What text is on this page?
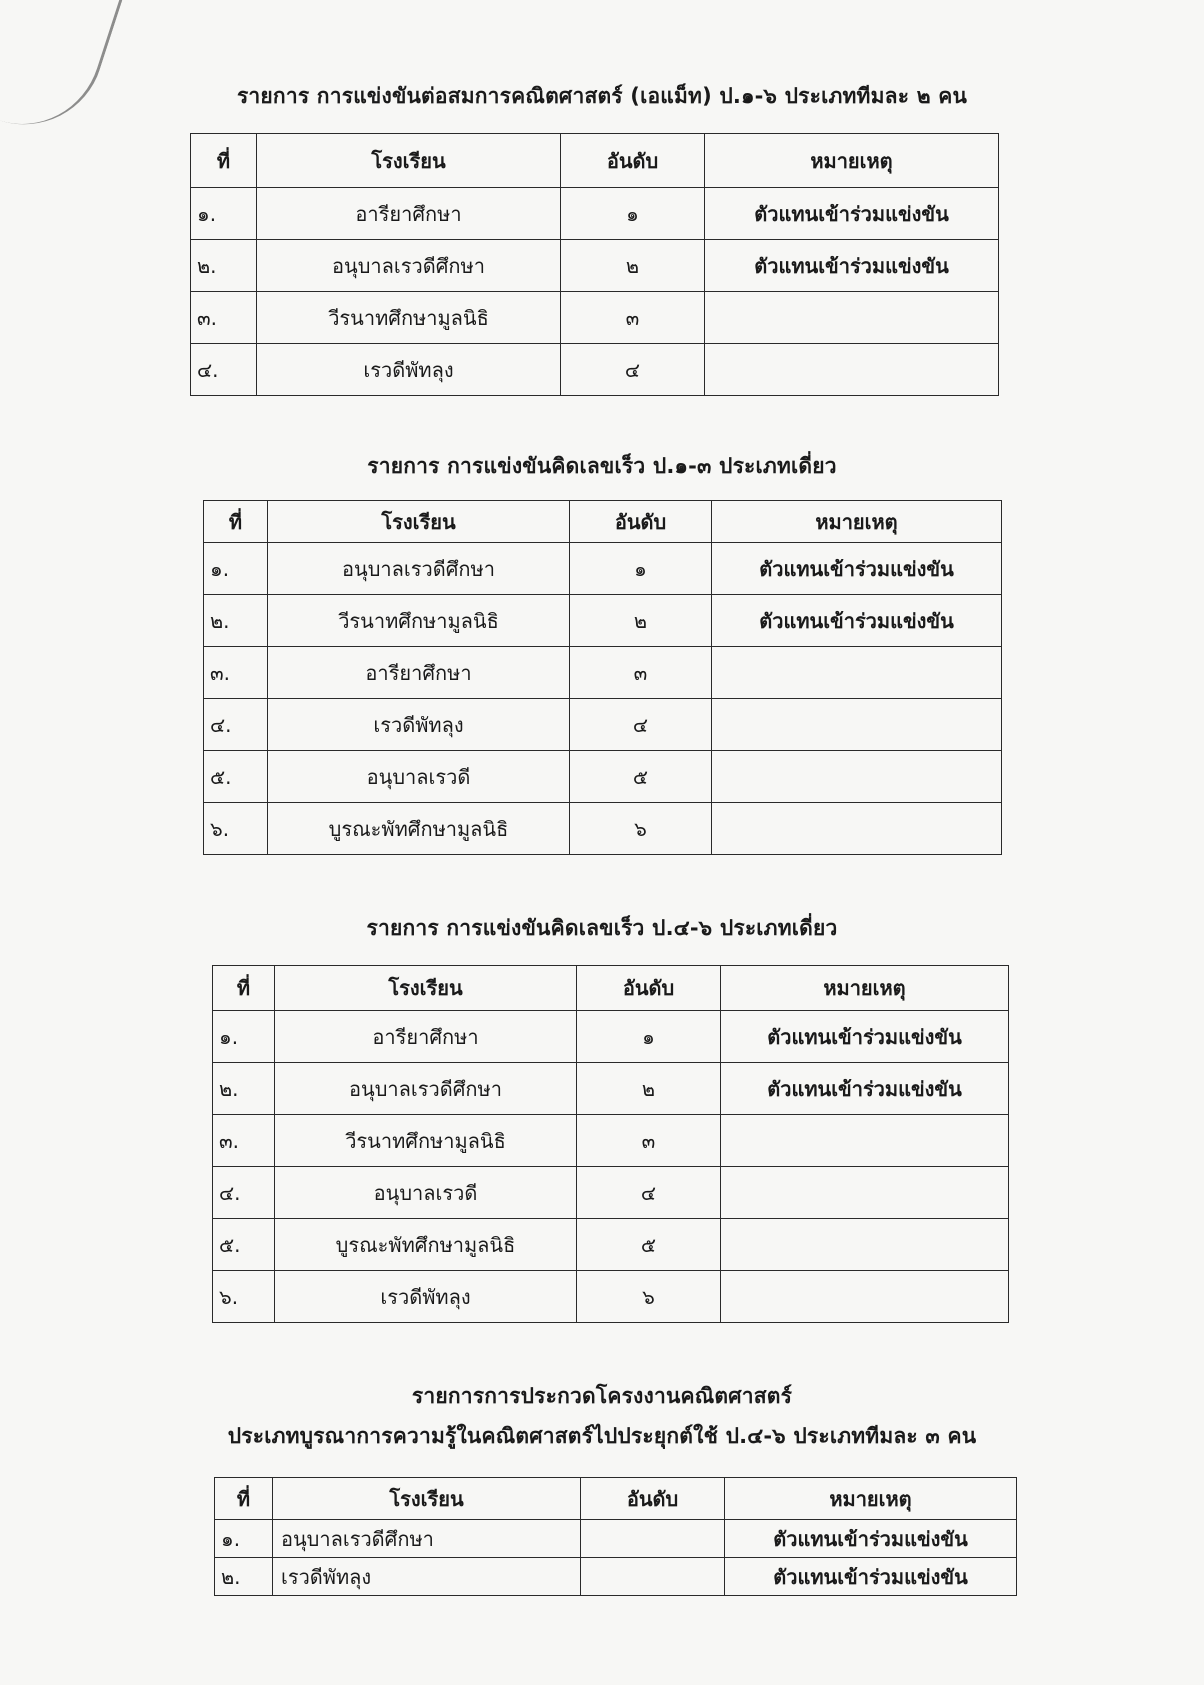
รายการ การแข่งขันต่อสมการคณิตศาสตร์ (เอแม็ท) ป.๑-๖ ประเภททีมละ ๒ คน
ที่	โรงเรียน	อันดับ	หมายเหตุ
๑.	อารียาศึกษา	๑	ตัวแทนเข้าร่วมแข่งขัน
๒.	อนุบาลเรวดีศึกษา	๒	ตัวแทนเข้าร่วมแข่งขัน
๓.	วีรนาทศึกษามูลนิธิ	๓	
๔.	เรวดีพัทลุง	๔	
รายการ การแข่งขันคิดเลขเร็ว ป.๑-๓ ประเภทเดี่ยว
ที่	โรงเรียน	อันดับ	หมายเหตุ
๑.	อนุบาลเรวดีศึกษา	๑	ตัวแทนเข้าร่วมแข่งขัน
๒.	วีรนาทศึกษามูลนิธิ	๒	ตัวแทนเข้าร่วมแข่งขัน
๓.	อารียาศึกษา	๓	
๔.	เรวดีพัทลุง	๔	
๕.	อนุบาลเรวดี	๕	
๖.	บูรณะพัทศึกษามูลนิธิ	๖	
รายการ การแข่งขันคิดเลขเร็ว ป.๔-๖ ประเภทเดี่ยว
ที่	โรงเรียน	อันดับ	หมายเหตุ
๑.	อารียาศึกษา	๑	ตัวแทนเข้าร่วมแข่งขัน
๒.	อนุบาลเรวดีศึกษา	๒	ตัวแทนเข้าร่วมแข่งขัน
๓.	วีรนาทศึกษามูลนิธิ	๓	
๔.	อนุบาลเรวดี	๔	
๕.	บูรณะพัทศึกษามูลนิธิ	๕	
๖.	เรวดีพัทลุง	๖	
รายการการประกวดโครงงานคณิตศาสตร์
ประเภทบูรณาการความรู้ในคณิตศาสตร์ไปประยุกต์ใช้ ป.๔-๖ ประเภททีมละ ๓ คน
ที่	โรงเรียน	อันดับ	หมายเหตุ
๑.	อนุบาลเรวดีศึกษา		ตัวแทนเข้าร่วมแข่งขัน
๒.	เรวดีพัทลุง		ตัวแทนเข้าร่วมแข่งขัน
